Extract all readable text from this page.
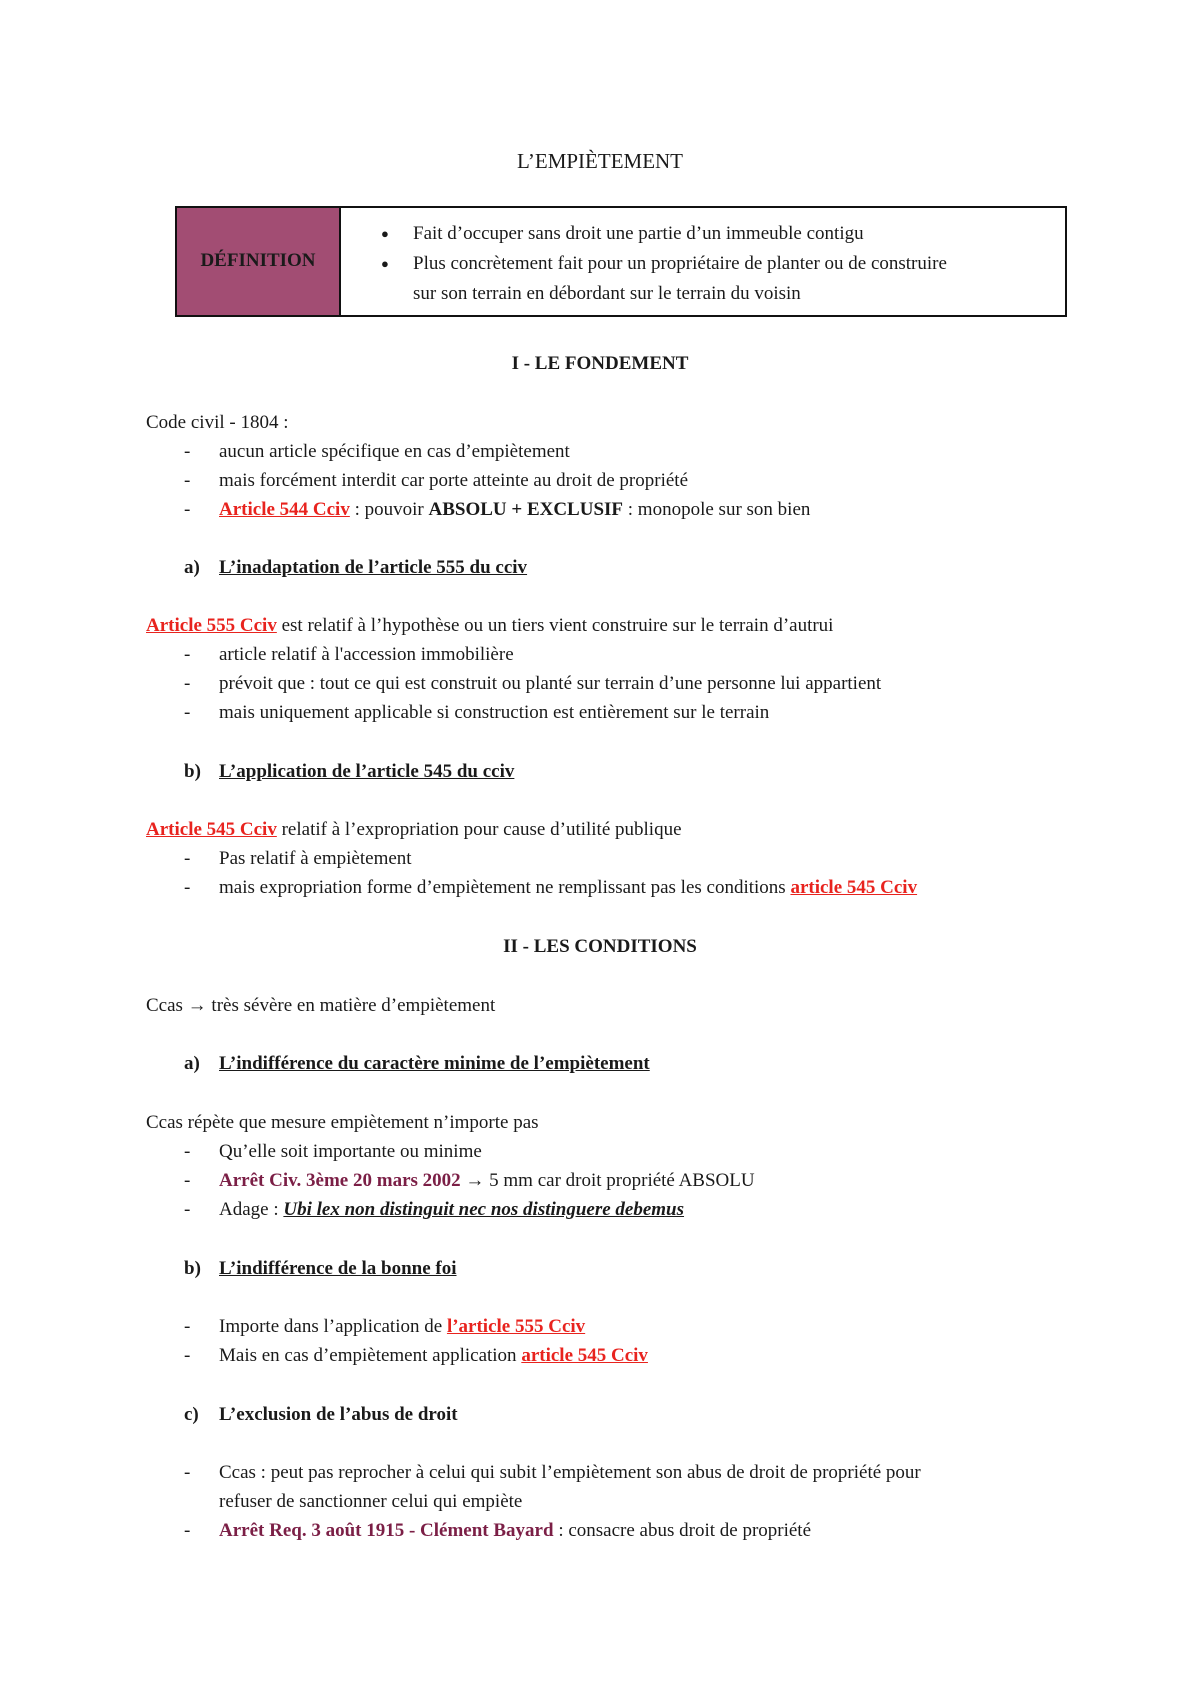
L’EMPIÈTEMENT
DÉFINITION
● Fait d’occuper sans droit une partie d’un immeuble contigu
● Plus concrètement fait pour un propriétaire de planter ou de construire
sur son terrain en débordant sur le terrain du voisin
I - LE FONDEMENT
Code civil - 1804 :
- aucun article spécifique en cas d’empiètement
- mais forcément interdit car porte atteinte au droit de propriété
- Article 544 Cciv : pouvoir ABSOLU + EXCLUSIF : monopole sur son bien
a) L’inadaptation de l’article 555 du cciv
Article 555 Cciv est relatif à l’hypothèse ou un tiers vient construire sur le terrain d’autrui
- article relatif à l'accession immobilière
- prévoit que : tout ce qui est construit ou planté sur terrain d’une personne lui appartient
- mais uniquement applicable si construction est entièrement sur le terrain
b) L’application de l’article 545 du cciv
Article 545 Cciv relatif à l’expropriation pour cause d’utilité publique
- Pas relatif à empiètement
- mais expropriation forme d’empiètement ne remplissant pas les conditions article 545 Cciv
II - LES CONDITIONS
Ccas → très sévère en matière d’empiètement
a) L’indifférence du caractère minime de l’empiètement
Ccas répète que mesure empiètement n’importe pas
- Qu’elle soit importante ou minime
- Arrêt Civ. 3ème 20 mars 2002 → 5 mm car droit propriété ABSOLU
- Adage : Ubi lex non distinguit nec nos distinguere debemus
b) L’indifférence de la bonne foi
- Importe dans l’application de l’article 555 Cciv
- Mais en cas d’empiètement application article 545 Cciv
c) L’exclusion de l’abus de droit
- Ccas : peut pas reprocher à celui qui subit l’empiètement son abus de droit de propriété pour
refuser de sanctionner celui qui empiète
- Arrêt Req. 3 août 1915 - Clément Bayard : consacre abus droit de propriété
